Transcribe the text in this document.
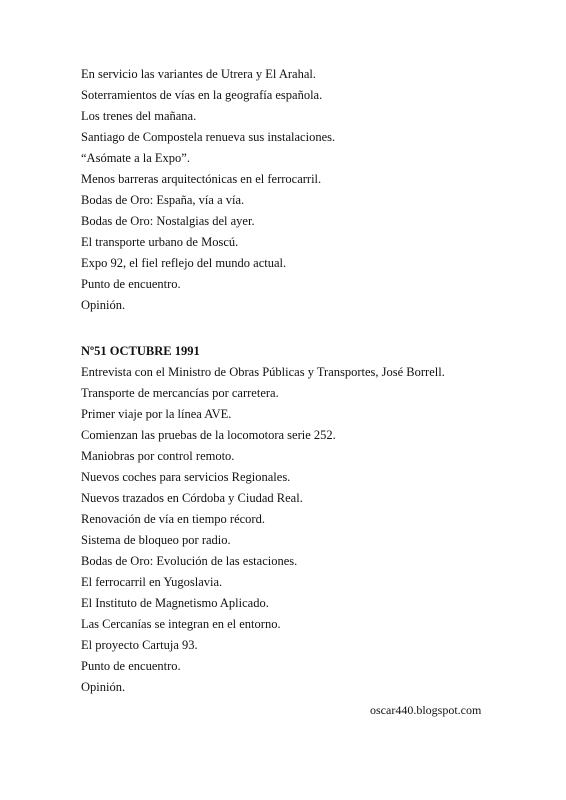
En servicio las variantes de Utrera y El Arahal.
Soterramientos de vías en la geografía española.
Los trenes del mañana.
Santiago de Compostela renueva sus instalaciones.
“Asómate a la Expo”.
Menos barreras arquitectónicas en el ferrocarril.
Bodas de Oro: España, vía a vía.
Bodas de Oro: Nostalgias del ayer.
El transporte urbano de Moscú.
Expo 92, el fiel reflejo del mundo actual.
Punto de encuentro.
Opinión.
Nº51 OCTUBRE 1991
Entrevista con el Ministro de Obras Públicas y Transportes, José Borrell.
Transporte de mercancías por carretera.
Primer viaje por la línea AVE.
Comienzan las pruebas de la locomotora serie 252.
Maniobras por control remoto.
Nuevos coches para servicios Regionales.
Nuevos trazados en Córdoba y Ciudad Real.
Renovación de vía en tiempo récord.
Sistema de bloqueo por radio.
Bodas de Oro: Evolución de las estaciones.
El ferrocarril en Yugoslavia.
El Instituto de Magnetismo Aplicado.
Las Cercanías se integran en el entorno.
El proyecto Cartuja 93.
Punto de encuentro.
Opinión.
oscar440.blogspot.com
